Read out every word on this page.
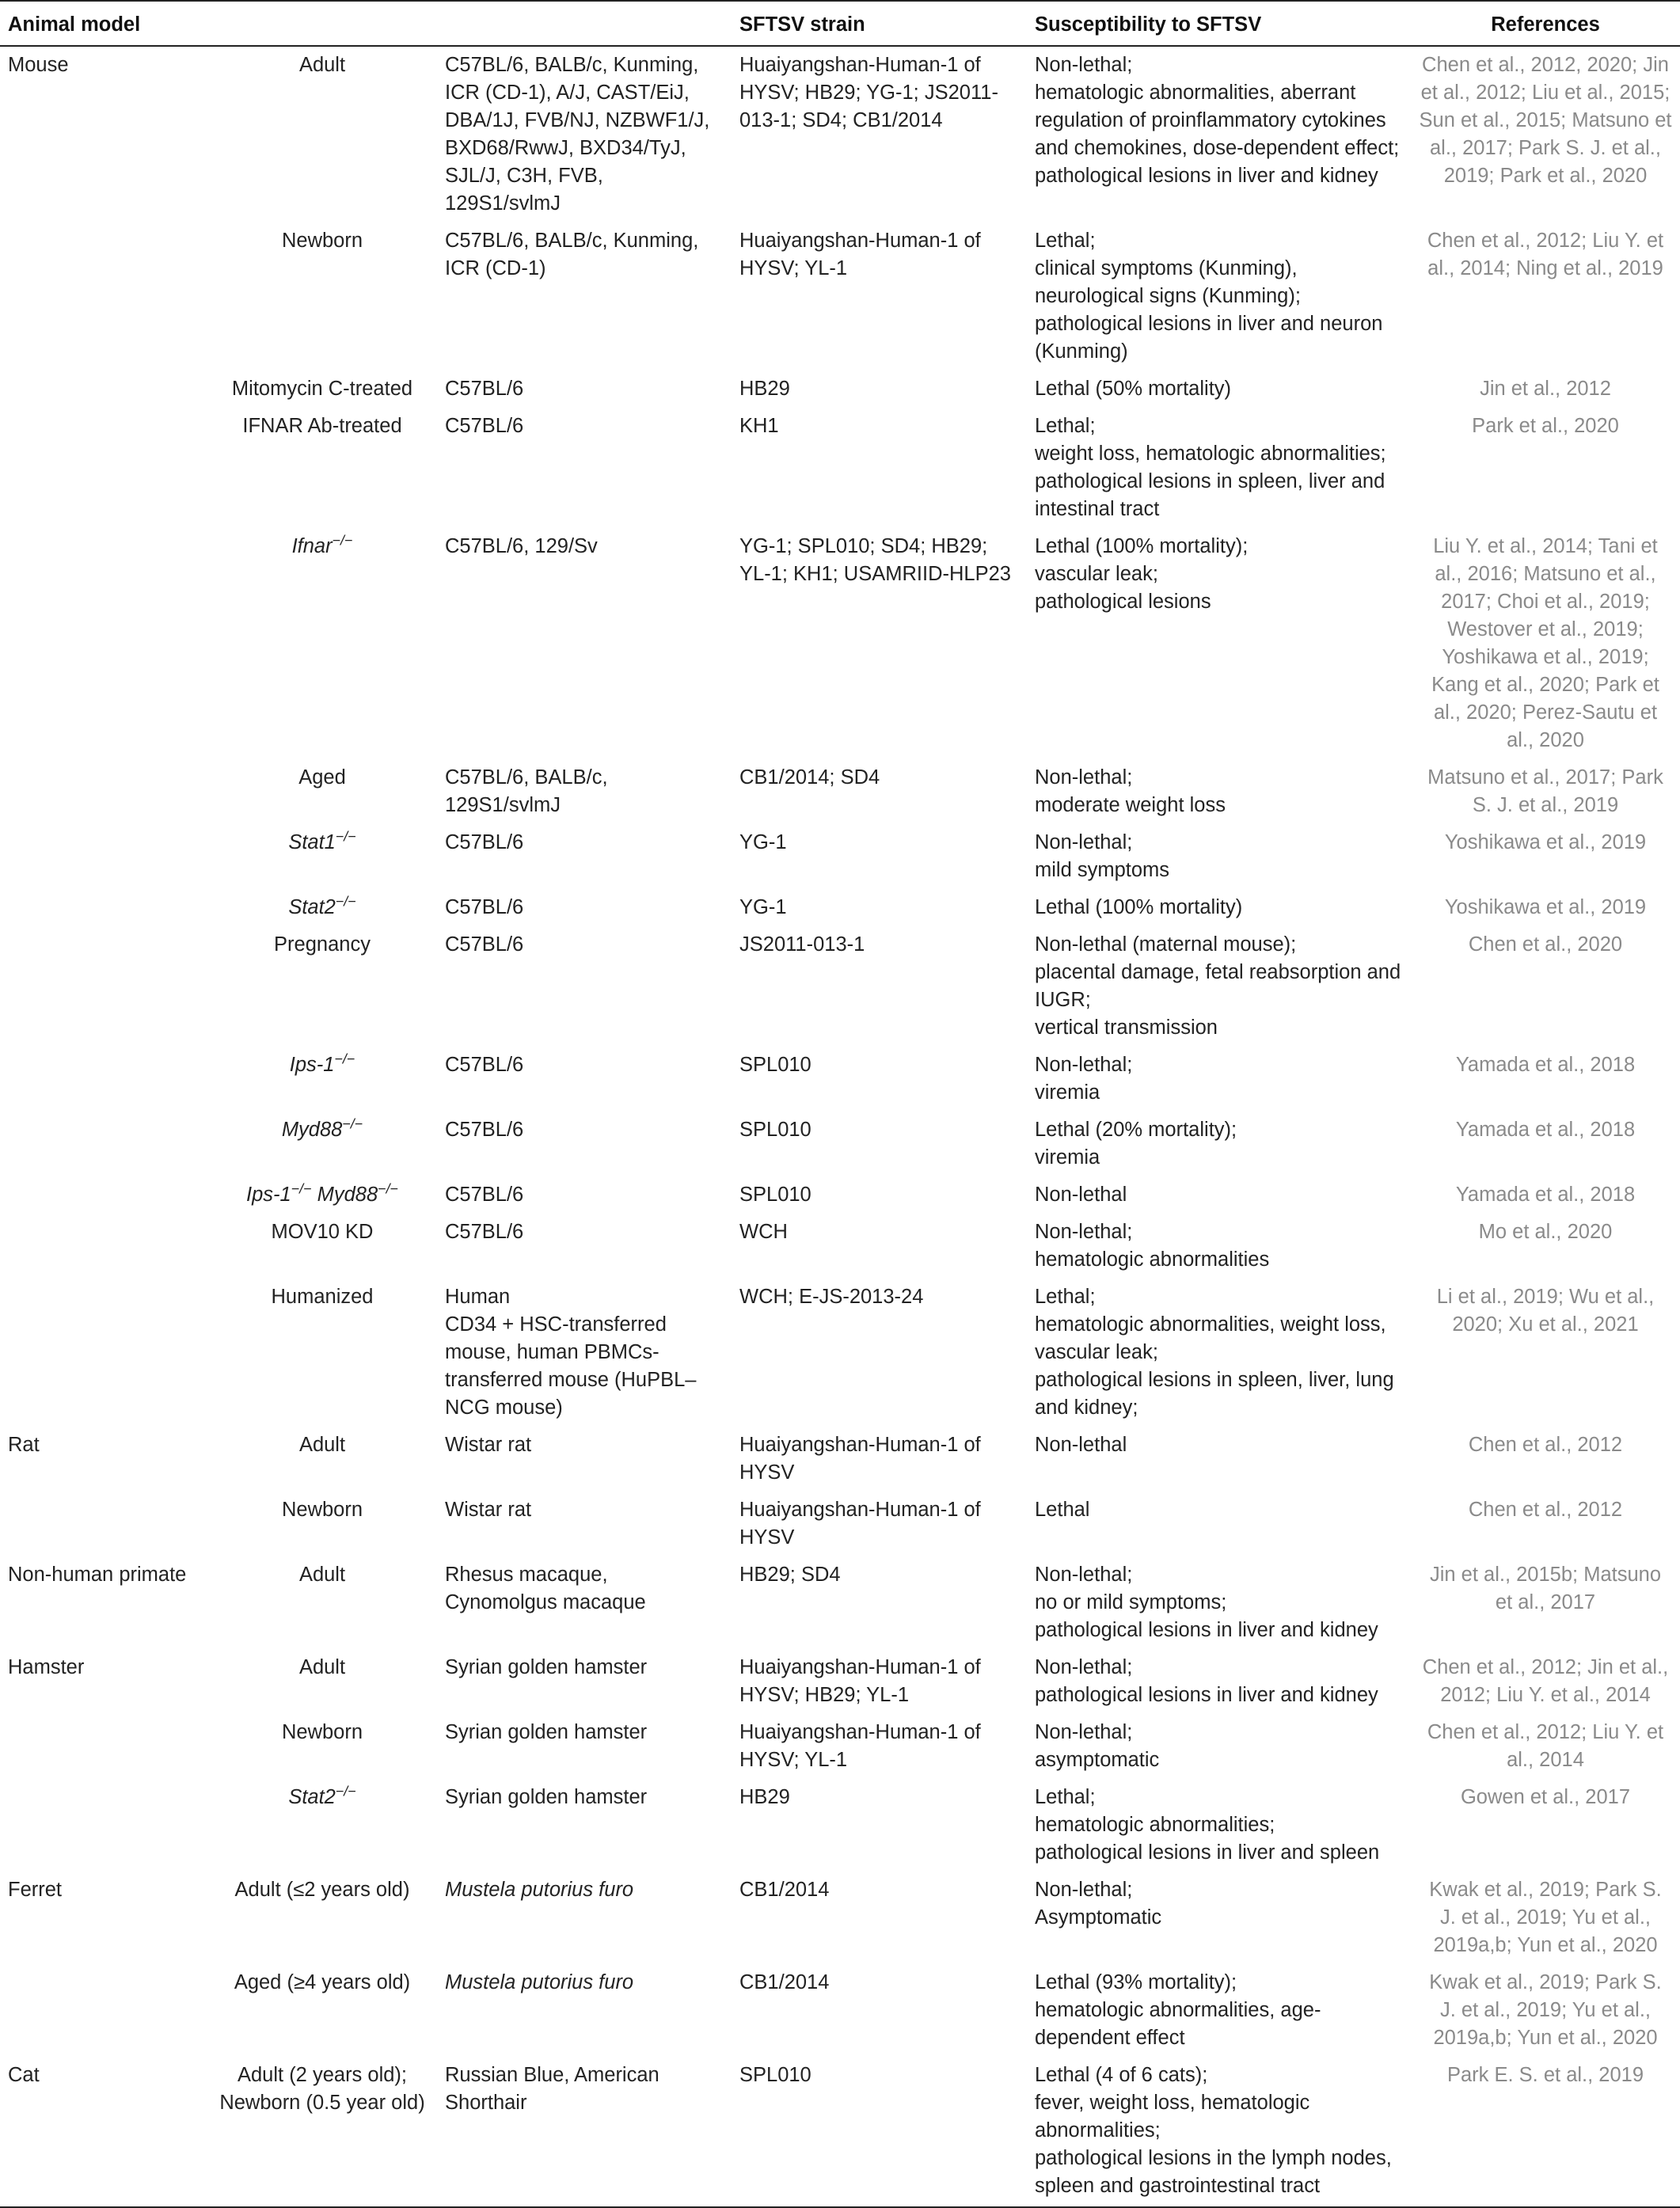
Animal model			SFTSV strain	Susceptibility to SFTSV	References
Mouse	Adult	C57BL/6, BALB/c, Kunming, ICR (CD-1), A/J, CAST/EiJ, DBA/1J, FVB/NJ, NZBWF1/J, BXD68/RwwJ, BXD34/TyJ, SJL/J, C3H, FVB, 129S1/svlmJ	Huaiyangshan-Human-1 of HYSV; HB29; YG-1; JS2011-013-1; SD4; CB1/2014	Non-lethal;
hematologic abnormalities, aberrant regulation of proinflammatory cytokines and chemokines, dose-dependent effect;
pathological lesions in liver and kidney	Chen et al., 2012, 2020; Jin et al., 2012; Liu et al., 2015; Sun et al., 2015; Matsuno et al., 2017; Park S. J. et al., 2019; Park et al., 2020
	Newborn	C57BL/6, BALB/c, Kunming, ICR (CD-1)	Huaiyangshan-Human-1 of HYSV; YL-1	Lethal;
clinical symptoms (Kunming), neurological signs (Kunming);
pathological lesions in liver and neuron (Kunming)	Chen et al., 2012; Liu Y. et al., 2014; Ning et al., 2019
	Mitomycin C-treated	C57BL/6	HB29	Lethal (50% mortality)	Jin et al., 2012
	IFNAR Ab-treated	C57BL/6	KH1	Lethal;
weight loss, hematologic abnormalities;
pathological lesions in spleen, liver and intestinal tract	Park et al., 2020
	Ifnar−/−	C57BL/6, 129/Sv	YG-1; SPL010; SD4; HB29; YL-1; KH1; USAMRIID-HLP23	Lethal (100% mortality);
vascular leak;
pathological lesions	Liu Y. et al., 2014; Tani et al., 2016; Matsuno et al., 2017; Choi et al., 2019; Westover et al., 2019; Yoshikawa et al., 2019; Kang et al., 2020; Park et al., 2020; Perez-Sautu et al., 2020
	Aged	C57BL/6, BALB/c, 129S1/svlmJ	CB1/2014; SD4	Non-lethal;
moderate weight loss	Matsuno et al., 2017; Park S. J. et al., 2019
	Stat1−/−	C57BL/6	YG-1	Non-lethal;
mild symptoms	Yoshikawa et al., 2019
	Stat2−/−	C57BL/6	YG-1	Lethal (100% mortality)	Yoshikawa et al., 2019
	Pregnancy	C57BL/6	JS2011-013-1	Non-lethal (maternal mouse);
placental damage, fetal reabsorption and IUGR;
vertical transmission	Chen et al., 2020
	Ips-1−/−	C57BL/6	SPL010	Non-lethal;
viremia	Yamada et al., 2018
	Myd88−/−	C57BL/6	SPL010	Lethal (20% mortality);
viremia	Yamada et al., 2018
	Ips-1−/− Myd88−/−	C57BL/6	SPL010	Non-lethal	Yamada et al., 2018
	MOV10 KD	C57BL/6	WCH	Non-lethal;
hematologic abnormalities	Mo et al., 2020
	Humanized	Human
CD34 + HSC-transferred mouse, human PBMCs-transferred mouse (HuPBL–NCG mouse)	WCH; E-JS-2013-24	Lethal;
hematologic abnormalities, weight loss, vascular leak;
pathological lesions in spleen, liver, lung and kidney;	Li et al., 2019; Wu et al., 2020; Xu et al., 2021
Rat	Adult	Wistar rat	Huaiyangshan-Human-1 of HYSV	Non-lethal	Chen et al., 2012
	Newborn	Wistar rat	Huaiyangshan-Human-1 of HYSV	Lethal	Chen et al., 2012
Non-human primate	Adult	Rhesus macaque, Cynomolgus macaque	HB29; SD4	Non-lethal;
no or mild symptoms;
pathological lesions in liver and kidney	Jin et al., 2015b; Matsuno et al., 2017
Hamster	Adult	Syrian golden hamster	Huaiyangshan-Human-1 of HYSV; HB29; YL-1	Non-lethal;
pathological lesions in liver and kidney	Chen et al., 2012; Jin et al., 2012; Liu Y. et al., 2014
	Newborn	Syrian golden hamster	Huaiyangshan-Human-1 of HYSV; YL-1	Non-lethal;
asymptomatic	Chen et al., 2012; Liu Y. et al., 2014
	Stat2−/−	Syrian golden hamster	HB29	Lethal;
hematologic abnormalities;
pathological lesions in liver and spleen	Gowen et al., 2017
Ferret	Adult (≤2 years old)	Mustela putorius furo	CB1/2014	Non-lethal;
Asymptomatic	Kwak et al., 2019; Park S. J. et al., 2019; Yu et al., 2019a,b; Yun et al., 2020
	Aged (≥4 years old)	Mustela putorius furo	CB1/2014	Lethal (93% mortality);
hematologic abnormalities, age-dependent effect	Kwak et al., 2019; Park S. J. et al., 2019; Yu et al., 2019a,b; Yun et al., 2020
Cat	Adult (2 years old);
Newborn (0.5 year old)	Russian Blue, American Shorthair	SPL010	Lethal (4 of 6 cats);
fever, weight loss, hematologic abnormalities;
pathological lesions in the lymph nodes, spleen and gastrointestinal tract	Park E. S. et al., 2019
